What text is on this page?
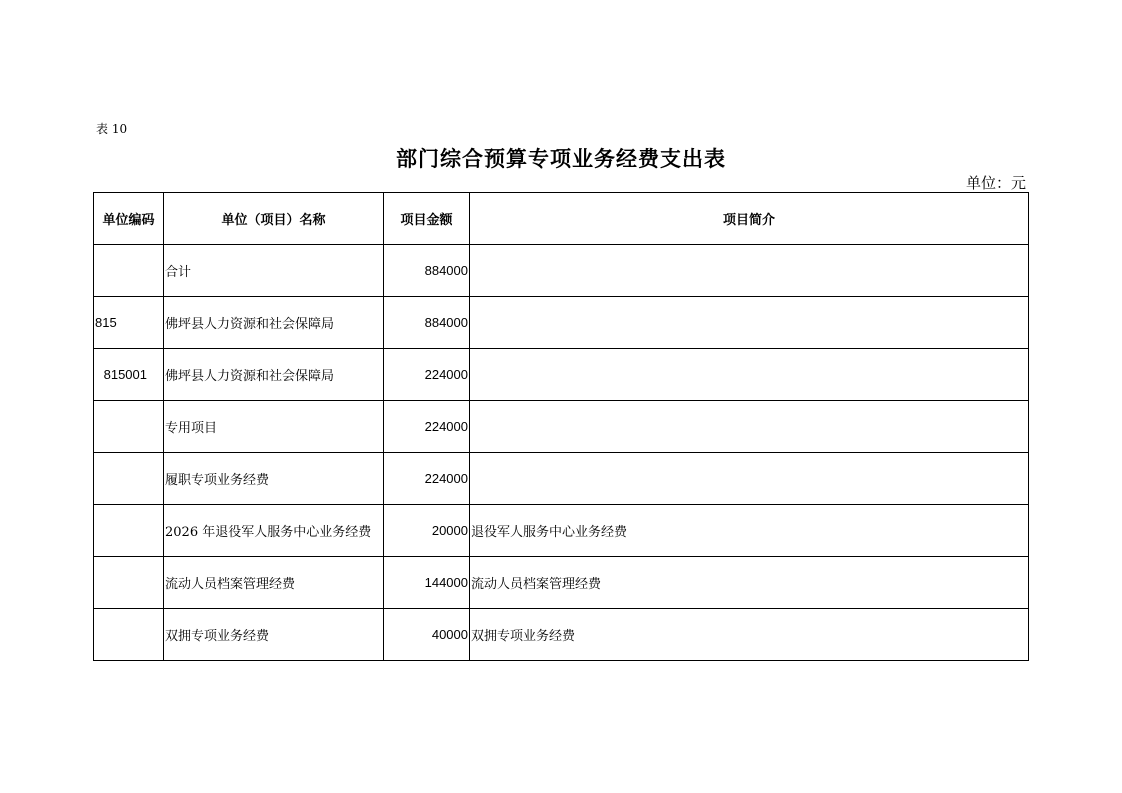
表 10
部门综合预算专项业务经费支出表
单位：元
单位编码	单位（项目）名称	项目金额	项目简介
	合计	884000	
815	佛坪县人力资源和社会保障局	884000	
815001	佛坪县人力资源和社会保障局	224000	
	专用项目	224000	
	履职专项业务经费	224000	
	2026 年退役军人服务中心业务经费	20000	退役军人服务中心业务经费
	流动人员档案管理经费	144000	流动人员档案管理经费
	双拥专项业务经费	40000	双拥专项业务经费
